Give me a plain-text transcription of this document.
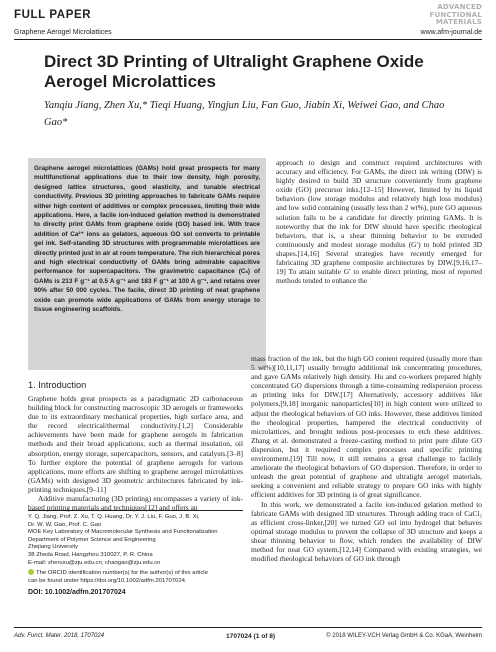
FULL PAPER
Graphene Aerogel Microlattices
ADVANCED FUNCTIONAL MATERIALS
www.afm-journal.de
Direct 3D Printing of Ultralight Graphene Oxide Aerogel Microlattices
Yanqiu Jiang, Zhen Xu,* Tieqi Huang, Yingjun Liu, Fan Guo, Jiabin Xi, Weiwei Gao, and Chao Gao*
Graphene aerogel microlattices (GAMs) hold great prospects for many multifunctional applications due to their low density, high porosity, designed lattice structures, good elasticity, and tunable electrical conductivity. Previous 3D printing approaches to fabricate GAMs require either high content of additives or complex processes, limiting their wide applications. Here, a facile ion-induced gelation method is demonstrated to directly print GAMs from graphene oxide (GO) based ink. With trace addition of Ca²⁺ ions as gelators, aqueous GO sol converts to printable gel ink. Self-standing 3D structures with programmable microlattices are directly printed just in air at room temperature. The rich hierarchical pores and high electrical conductivity of GAMs bring admirable capacitive performance for supercapacitors. The gravimetric capacitance (Cₛ) of GAMs is 213 F g⁻¹ at 0.5 A g⁻¹ and 183 F g⁻¹ at 100 A g⁻¹, and retains over 90% after 50 000 cycles. The facile, direct 3D printing of neat graphene oxide can promote wide applications of GAMs from energy storage to tissue engineering scaffolds.
approach to design and construct required architectures with accuracy and efficiency. For GAMs, the direct ink writing (DIW) is highly desired to build 3D structure conveniently from graphene oxide (GO) precursor inks.[12–15] However, limited by its liquid behaviors (low storage modulus and relatively high loss modulus) and low solid containing (usually less than 2 wt%), pure GO aqueous solution fails to be a candidate for directly printing GAMs. It is noteworthy that the ink for DIW should have specific rheological behaviors, that is, a shear thinning behavior to be extruded continuously and modest storage modulus (G′) to hold printed 3D shapes.[14,16] Several strategies have recently emerged for fabricating 3D graphene composite architectures by DIW.[9,16,17–19] To attain suitable G′ to enable direct printing, most of reported methods tended to enhance the

mass fraction of the ink, but the high GO content required (usually more than 5 wt%)[10,11,17] usually brought additional ink concentrating procedures, and gave GAMs relatively high density. Hu and co-workers prepared highly concentrated GO dispersions through a time-consuming redispersion process as printing inks for DIW.[17] Alternatively, accessory additives like polymers,[9,18] inorganic nanoparticles[10] in high content were utilized to adjust the rheological behaviors of GO inks. However, these additives limited the rheological properties, hampered the electrical conductivity of microlattices, and brought tedious post-processes to etch these additives. Zhang et al. demonstrated a freeze-casting method to print pure dilute GO dispersion, but it required complex processes and specific printing environment.[19] Till now, it still remains a great challenge to facilely ameliorate the rheological behaviors of GO dispersion. Therefore, in order to unleash the great potential of graphene and ultralight aerogel materials, seeking a convenient and reliable strategy to prepare GO inks with highly efficient additives for 3D printing is of great significance.

In this work, we demonstrated a facile ion-induced gelation method to fabricate GAMs with designed 3D structures. Through adding trace of CaCl₂ as efficient cross-linker,[20] we turned GO sol into hydrogel that behaves optimal storage modulus to prevent the collapse of 3D structure and keeps a shear thinning behavior to flow, which renders the availability of DIW method for neat GO system.[12,14] Compared with existing strategies, we modified rheological behaviors of GO ink through

1. Introduction

Graphene holds great prospects as a paradigmatic 2D carbonaceous building block for constructing macroscopic 3D aerogels or frameworks due to its extraordinary mechanical properties, high surface area, and the record electrical/thermal conductivity.[1,2] Considerable achievements have been made for graphene aerogels in fabrication methods and their broad applications, such as thermal insulation, oil absorption, energy storage, supercapacitors, sensors, and catalysts.[3–8] To further explore the potential of graphene aerogels for various applications, more efforts are shifting to graphene aerogel microlattices (GAMs) with designed 3D geometric architectures fabricated by ink-printing techniques.[9–11]

Additive manufacturing (3D printing) encompasses a variety of ink-based printing materials and techniques[12] and offers an

Y. Q. Jiang, Prof. Z. Xu, T. Q. Huang, Dr. Y. J. Liu, F. Guo, J. B. Xi,
Dr. W. W. Gao, Prof. C. Gao
MOE Key Laboratory of Macromolecular Synthesis and Functionalization
Department of Polymer Science and Engineering
Zhejiang University
38 Zheda Road, Hangzhou 310027, P. R. China
E-mail: zheruxu@zju.edu.cn; chaogao@zju.edu.cn
The ORCID identification number(s) for the author(s) of this article
can be found under https://doi.org/10.1002/adfm.201707024.
DOI: 10.1002/adfm.201707024
Adv. Funct. Mater. 2018, 1707024	1707024 (1 of 8)	© 2018 WILEY-VCH Verlag GmbH & Co. KGaA, Weinheim
